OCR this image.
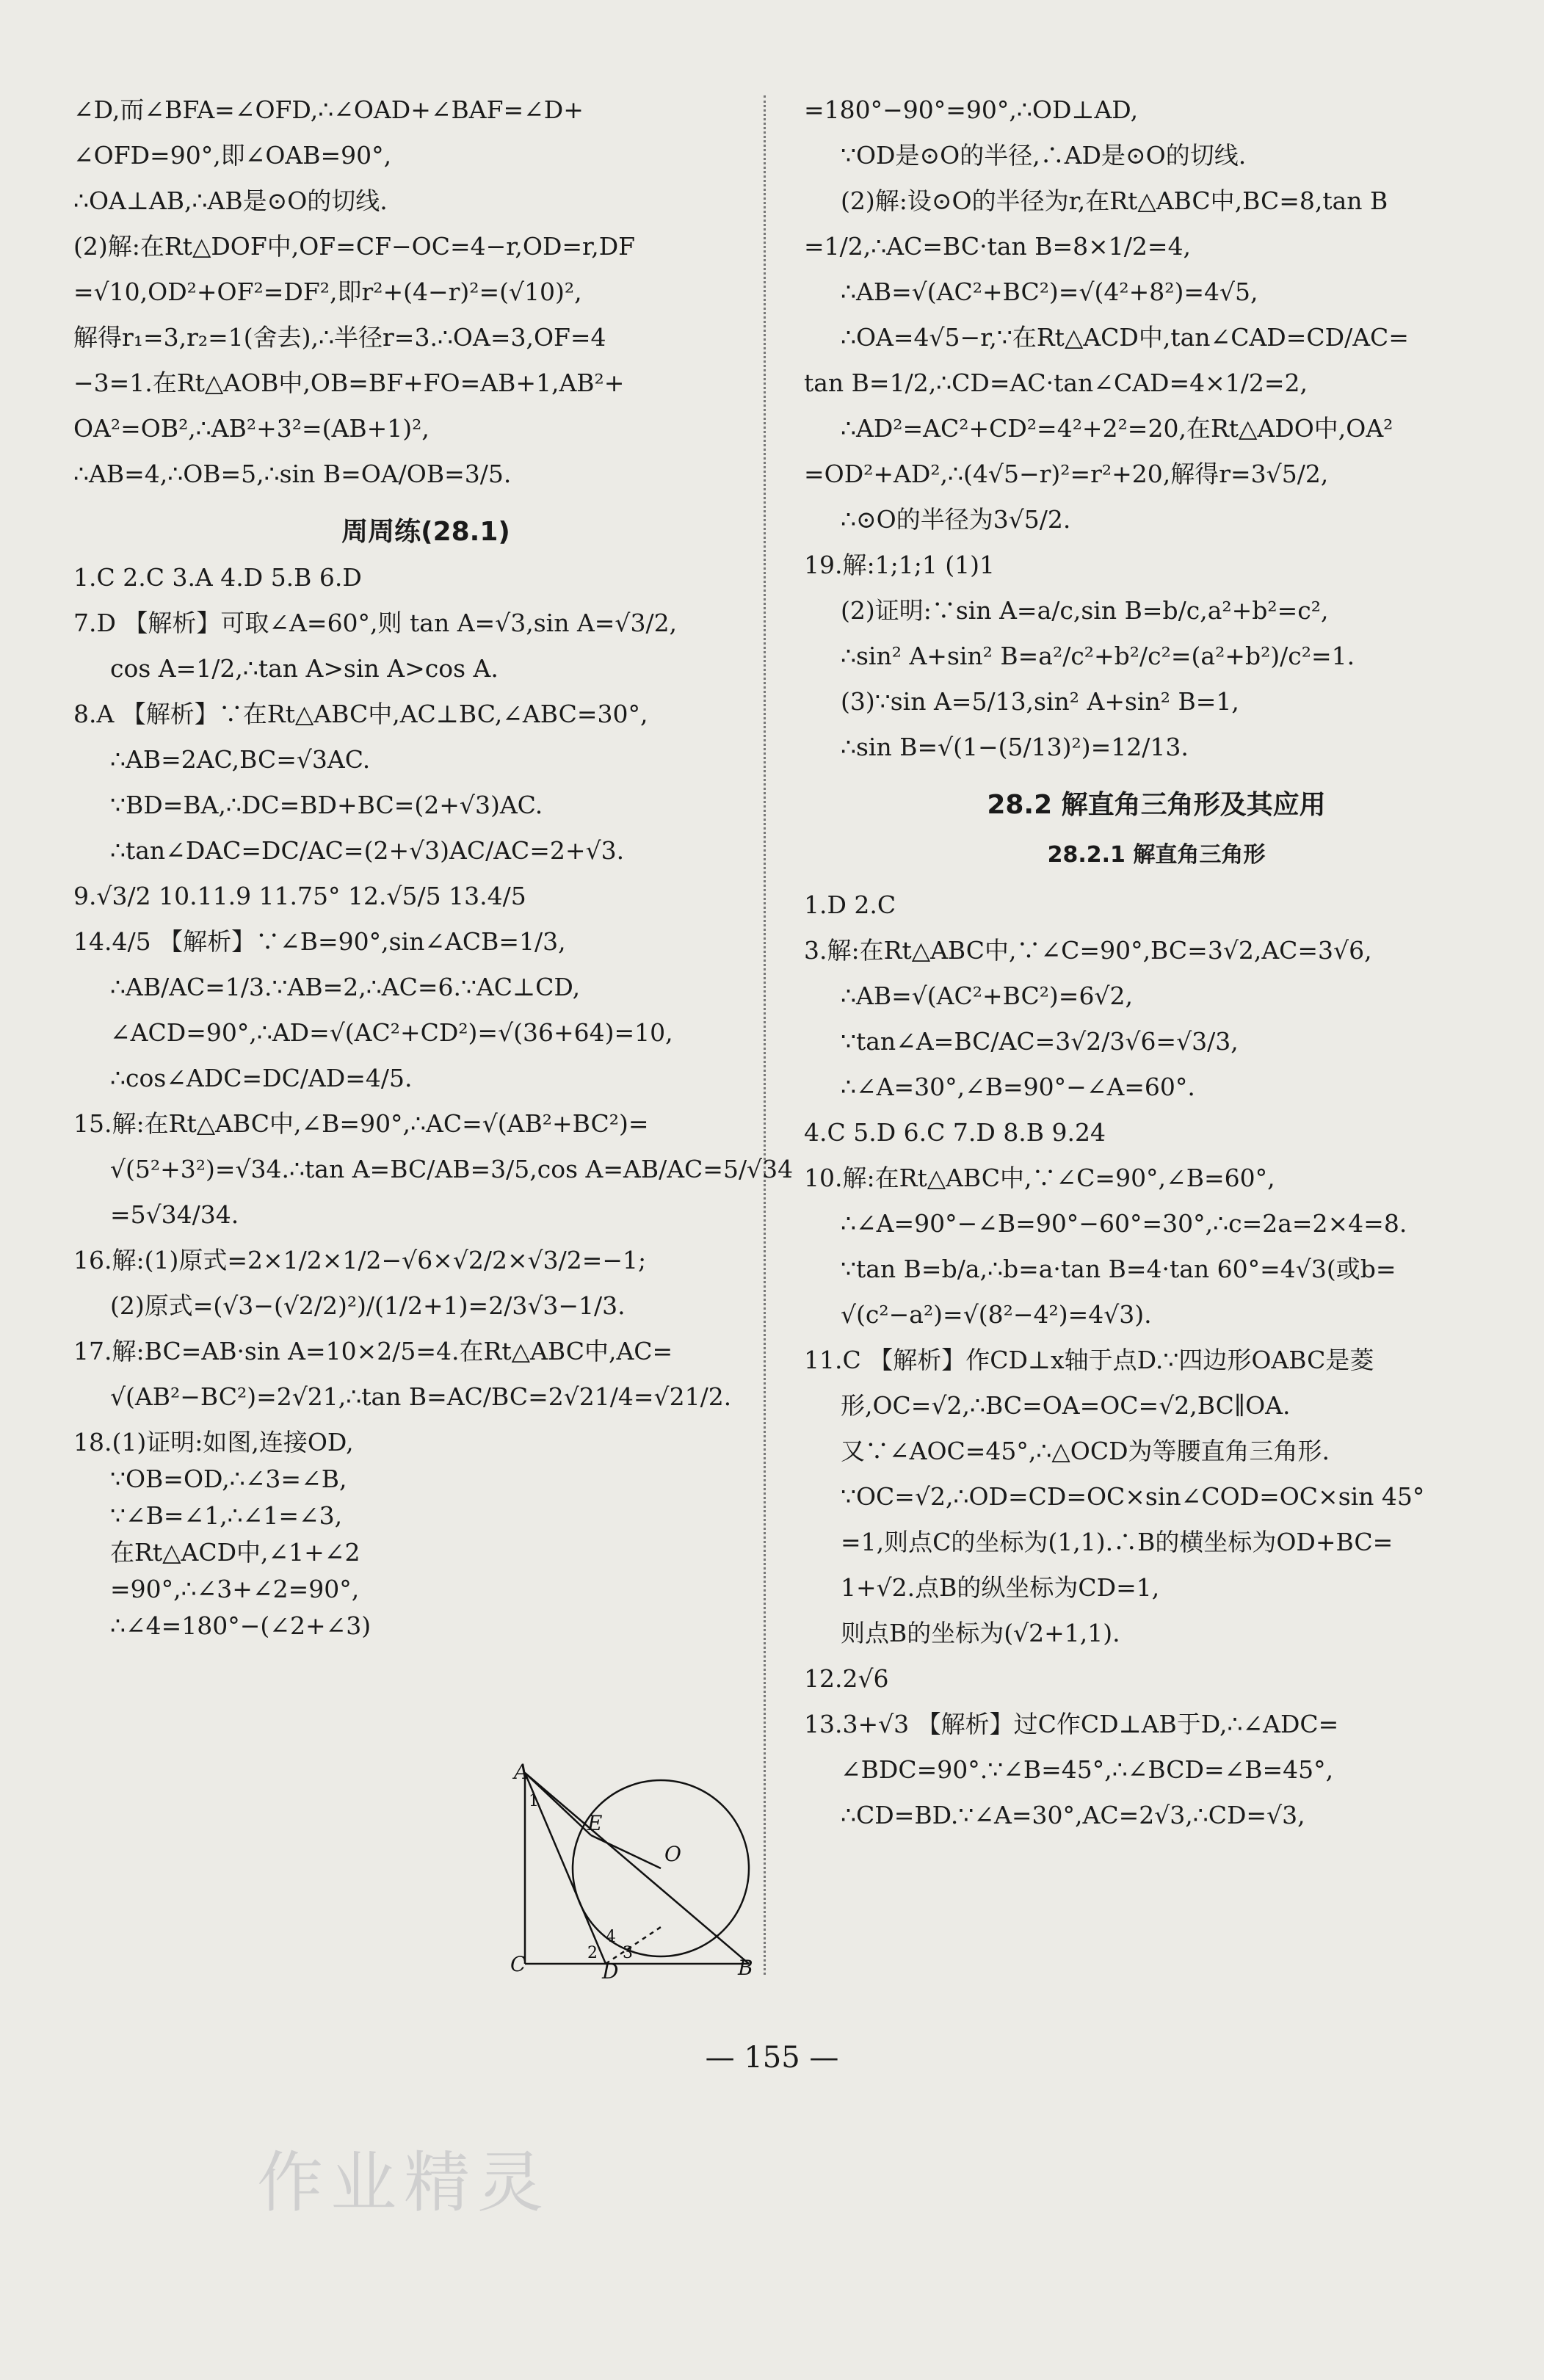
∠D,而∠BFA=∠OFD,∴∠OAD+∠BAF=∠D+
∠OFD=90°,即∠OAB=90°,
∴OA⊥AB,∴AB是⊙O的切线.
(2)解:在Rt△DOF中,OF=CF−OC=4−r,OD=r,DF
=√10,OD²+OF²=DF²,即r²+(4−r)²=(√10)²,
解得r₁=3,r₂=1(舍去),∴半径r=3.∴OA=3,OF=4
−3=1.在Rt△AOB中,OB=BF+FO=AB+1,AB²+
OA²=OB²,∴AB²+3²=(AB+1)²,
∴AB=4,∴OB=5,∴sin B=OA/OB=3/5.
周周练(28.1)
1.C 2.C 3.A 4.D 5.B 6.D
7.D 【解析】可取∠A=60°,则 tan A=√3,sin A=√3/2,
cos A=1/2,∴tan A>sin A>cos A.
8.A 【解析】∵在Rt△ABC中,AC⊥BC,∠ABC=30°,
∴AB=2AC,BC=√3AC.
∵BD=BA,∴DC=BD+BC=(2+√3)AC.
∴tan∠DAC=DC/AC=(2+√3)AC/AC=2+√3.
9.√3/2 10.11.9 11.75° 12.√5/5 13.4/5
14.4/5 【解析】∵∠B=90°,sin∠ACB=1/3,
∴AB/AC=1/3.∵AB=2,∴AC=6.∵AC⊥CD,
∠ACD=90°,∴AD=√(AC²+CD²)=√(36+64)=10,
∴cos∠ADC=DC/AD=4/5.
15.解:在Rt△ABC中,∠B=90°,∴AC=√(AB²+BC²)=
√(5²+3²)=√34.∴tan A=BC/AB=3/5,cos A=AB/AC=5/√34
=5√34/34.
16.解:(1)原式=2×1/2×1/2−√6×√2/2×√3/2=−1;
(2)原式=(√3−(√2/2)²)/(1/2+1)=2/3√3−1/3.
17.解:BC=AB·sin A=10×2/5=4.在Rt△ABC中,AC=
√(AB²−BC²)=2√21,∴tan B=AC/BC=2√21/4=√21/2.
18.(1)证明:如图,连接OD,
∵OB=OD,∴∠3=∠B,
∵∠B=∠1,∴∠1=∠3,
在Rt△ACD中,∠1+∠2
=90°,∴∠3+∠2=90°,
∴∠4=180°−(∠2+∠3)
=180°−90°=90°,∴OD⊥AD,
∵OD是⊙O的半径,∴AD是⊙O的切线.
(2)解:设⊙O的半径为r,在Rt△ABC中,BC=8,tan B
=1/2,∴AC=BC·tan B=8×1/2=4,
∴AB=√(AC²+BC²)=√(4²+8²)=4√5,
∴OA=4√5−r,∵在Rt△ACD中,tan∠CAD=CD/AC=
tan B=1/2,∴CD=AC·tan∠CAD=4×1/2=2,
∴AD²=AC²+CD²=4²+2²=20,在Rt△ADO中,OA²
=OD²+AD²,∴(4√5−r)²=r²+20,解得r=3√5/2,
∴⊙O的半径为3√5/2.
19.解:1;1;1 (1)1
(2)证明:∵sin A=a/c,sin B=b/c,a²+b²=c²,
∴sin² A+sin² B=a²/c²+b²/c²=(a²+b²)/c²=1.
(3)∵sin A=5/13,sin² A+sin² B=1,
∴sin B=√(1−(5/13)²)=12/13.
28.2 解直角三角形及其应用
28.2.1 解直角三角形
1.D 2.C
3.解:在Rt△ABC中,∵∠C=90°,BC=3√2,AC=3√6,
∴AB=√(AC²+BC²)=6√2,
∵tan∠A=BC/AC=3√2/3√6=√3/3,
∴∠A=30°,∠B=90°−∠A=60°.
4.C 5.D 6.C 7.D 8.B 9.24
10.解:在Rt△ABC中,∵∠C=90°,∠B=60°,
∴∠A=90°−∠B=90°−60°=30°,∴c=2a=2×4=8.
∵tan B=b/a,∴b=a·tan B=4·tan 60°=4√3(或b=
√(c²−a²)=√(8²−4²)=4√3).
11.C 【解析】作CD⊥x轴于点D.∵四边形OABC是菱
形,OC=√2,∴BC=OA=OC=√2,BC∥OA.
又∵∠AOC=45°,∴△OCD为等腰直角三角形.
∵OC=√2,∴OD=CD=OC×sin∠COD=OC×sin 45°
=1,则点C的坐标为(1,1).∴B的横坐标为OD+BC=
1+√2.点B的纵坐标为CD=1,
则点B的坐标为(√2+1,1).
12.2√6
13.3+√3 【解析】过C作CD⊥AB于D,∴∠ADC=
∠BDC=90°.∵∠B=45°,∴∠BCD=∠B=45°,
∴CD=BD.∵∠A=30°,AC=2√3,∴CD=√3,
A
E
O
C	D	B
1
2 3
4
— 155 —
作业精灵
